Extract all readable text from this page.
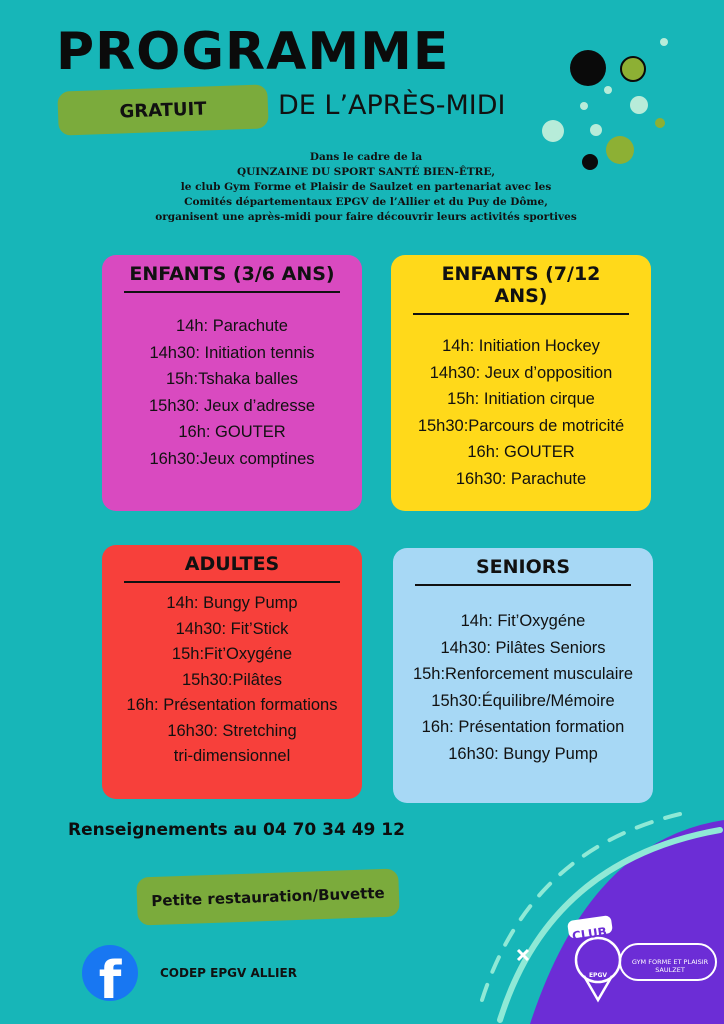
PROGRAMME
GRATUIT	DE L’APRÈS-MIDI
Dans le cadre de la
QUINZAINE DU SPORT SANTÉ BIEN-ÊTRE,
le club Gym Forme et Plaisir de Saulzet en partenariat avec les
Comités départementaux EPGV de l’Allier et du Puy de Dôme,
organisent une après-midi pour faire découvrir leurs activités sportives
ENFANTS (3/6 ANS)
14h: Parachute
14h30: Initiation tennis
15h:Tshaka balles
15h30: Jeux d’adresse
16h: GOUTER
16h30:Jeux comptines
ENFANTS (7/12 ANS)
14h: Initiation Hockey
14h30: Jeux d’opposition
15h: Initiation cirque
15h30:Parcours de motricité
16h: GOUTER
16h30: Parachute
ADULTES
14h: Bungy Pump
14h30: Fit’Stick
15h:Fit’Oxygéne
15h30:Pilâtes
16h: Présentation formations
16h30: Stretching
tri-dimensionnel
SENIORS
14h: Fit’Oxygéne
14h30: Pilâtes Seniors
15h:Renforcement musculaire
15h30:Équilibre/Mémoire
16h: Présentation formation
16h30: Bungy Pump
Renseignements au 04 70 34 49 12
Petite restauration/Buvette
f	CODEP EPGV ALLIER
CLUB
GYM FORME ET PLAISIR SAULZET
EPGV
